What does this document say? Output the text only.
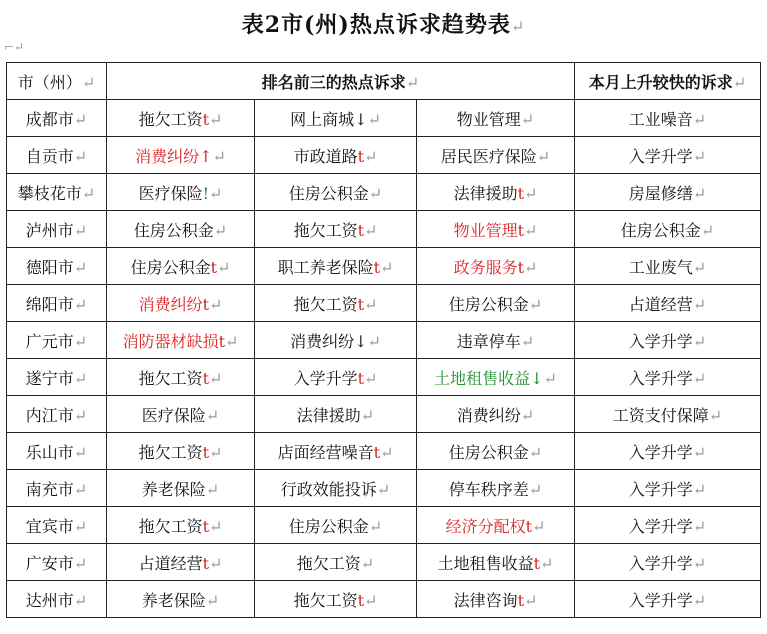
表2市(州)热点诉求趋势表↵
⌐↵
市（州）↵	排名前三的热点诉求↵			本月上升较快的诉求↵
成都市↵	拖欠工资t↵	网上商城↓↵	物业管理↵	工业噪音↵
自贡市↵	消费纠纷↑↵	市政道路t↵	居民医疗保险↵	入学升学↵
攀枝花市↵	医疗保险!↵	住房公积金↵	法律援助t↵	房屋修缮↵
泸州市↵	住房公积金↵	拖欠工资t↵	物业管理t↵	住房公积金↵
德阳市↵	住房公积金t↵	职工养老保险t↵	政务服务t↵	工业废气↵
绵阳市↵	消费纠纷t↵	拖欠工资t↵	住房公积金↵	占道经营↵
广元市↵	消防器材缺损t↵	消费纠纷↓↵	违章停车↵	入学升学↵
遂宁市↵	拖欠工资t↵	入学升学t↵	土地租售收益↓↵	入学升学↵
内江市↵	医疗保险↵	法律援助↵	消费纠纷↵	工资支付保障↵
乐山市↵	拖欠工资t↵	店面经营噪音t↵	住房公积金↵	入学升学↵
南充市↵	养老保险↵	行政效能投诉↵	停车秩序差↵	入学升学↵
宜宾市↵	拖欠工资t↵	住房公积金↵	经济分配权t↵	入学升学↵
广安市↵	占道经营t↵	拖欠工资↵	土地租售收益t↵	入学升学↵
达州市↵	养老保险↵	拖欠工资t↵	法律咨询t↵	入学升学↵
